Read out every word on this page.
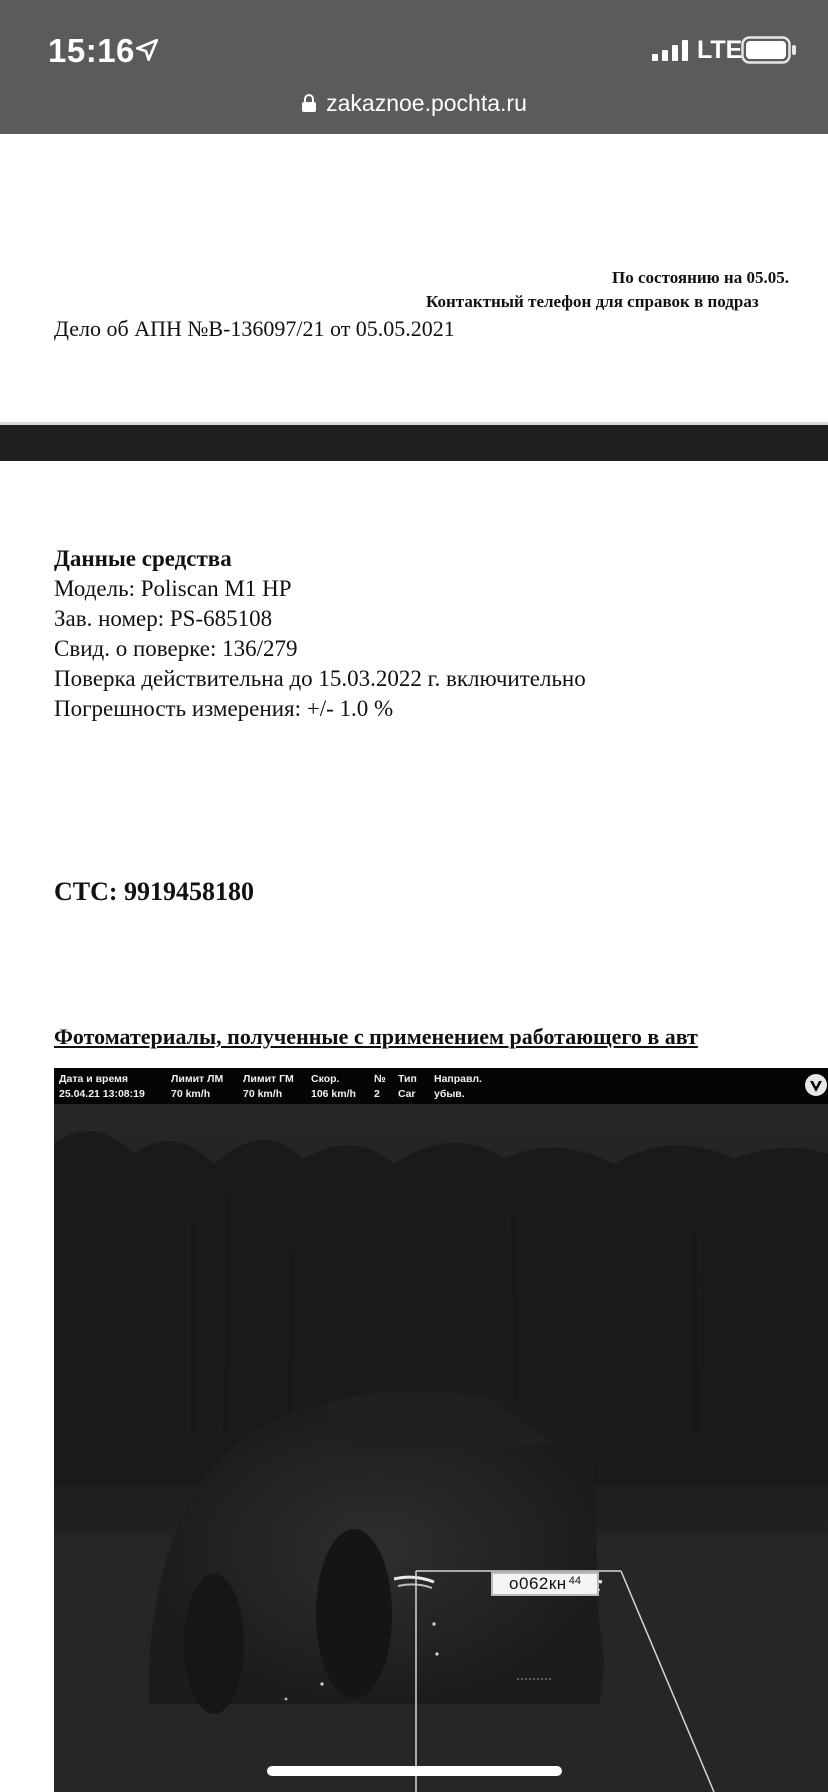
15:16	LTE
zakaznoe.pochta.ru
По состоянию на 05.05.
Контактный телефон для справок в подраз
Дело об АПН №В-136097/21 от 05.05.2021
Данные средства
Модель: Poliscan M1 HP
Зав. номер: PS-685108
Свид. о поверке: 136/279
Поверка действительна до 15.03.2022 г. включительно
Погрешность измерения: +/- 1.0 %
СТС: 9919458180
Фотоматериалы, полученные с применением работающего в авт
Дата и время
25.04.21 13:08:19
Лимит ЛМ
70 km/h
Лимит ГМ
70 km/h
Скор.
106 km/h
№
2
Тип
Car
Направл.
убыв.
о062кн 44
